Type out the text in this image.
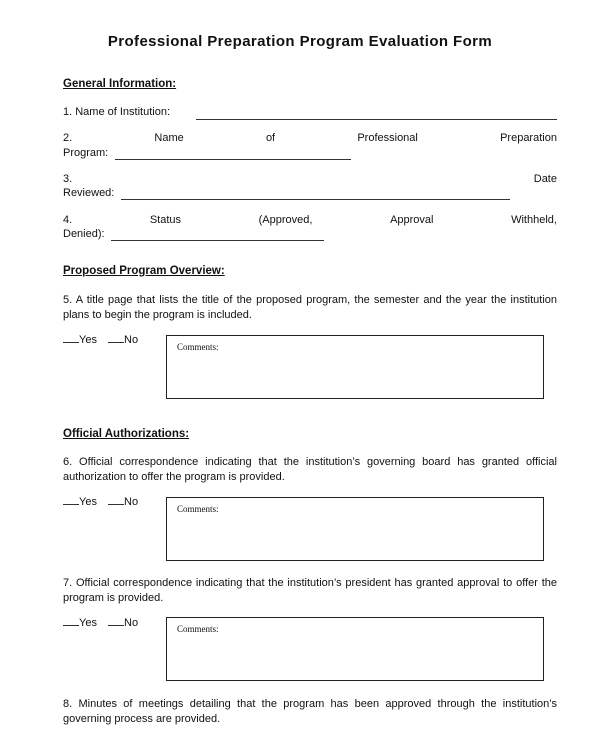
Professional Preparation Program Evaluation Form
General Information:
1. Name of Institution:
2.	Name	of	Professional	Preparation
Program:
3.	Date
Reviewed:
4.	Status	(Approved,	Approval	Withheld,
Denied):
Proposed Program Overview:
5. A title page that lists the title of the proposed program, the semester and the year the institution plans to begin the program is included.
Yes No
Comments:
Official Authorizations:
6. Official correspondence indicating that the institution’s governing board has granted official authorization to offer the program is provided.
Yes No
Comments:
7. Official correspondence indicating that the institution’s president has granted approval to offer the program is provided.
Yes No	Comments:
8. Minutes of meetings detailing that the program has been approved through the institution’s governing process are provided.
